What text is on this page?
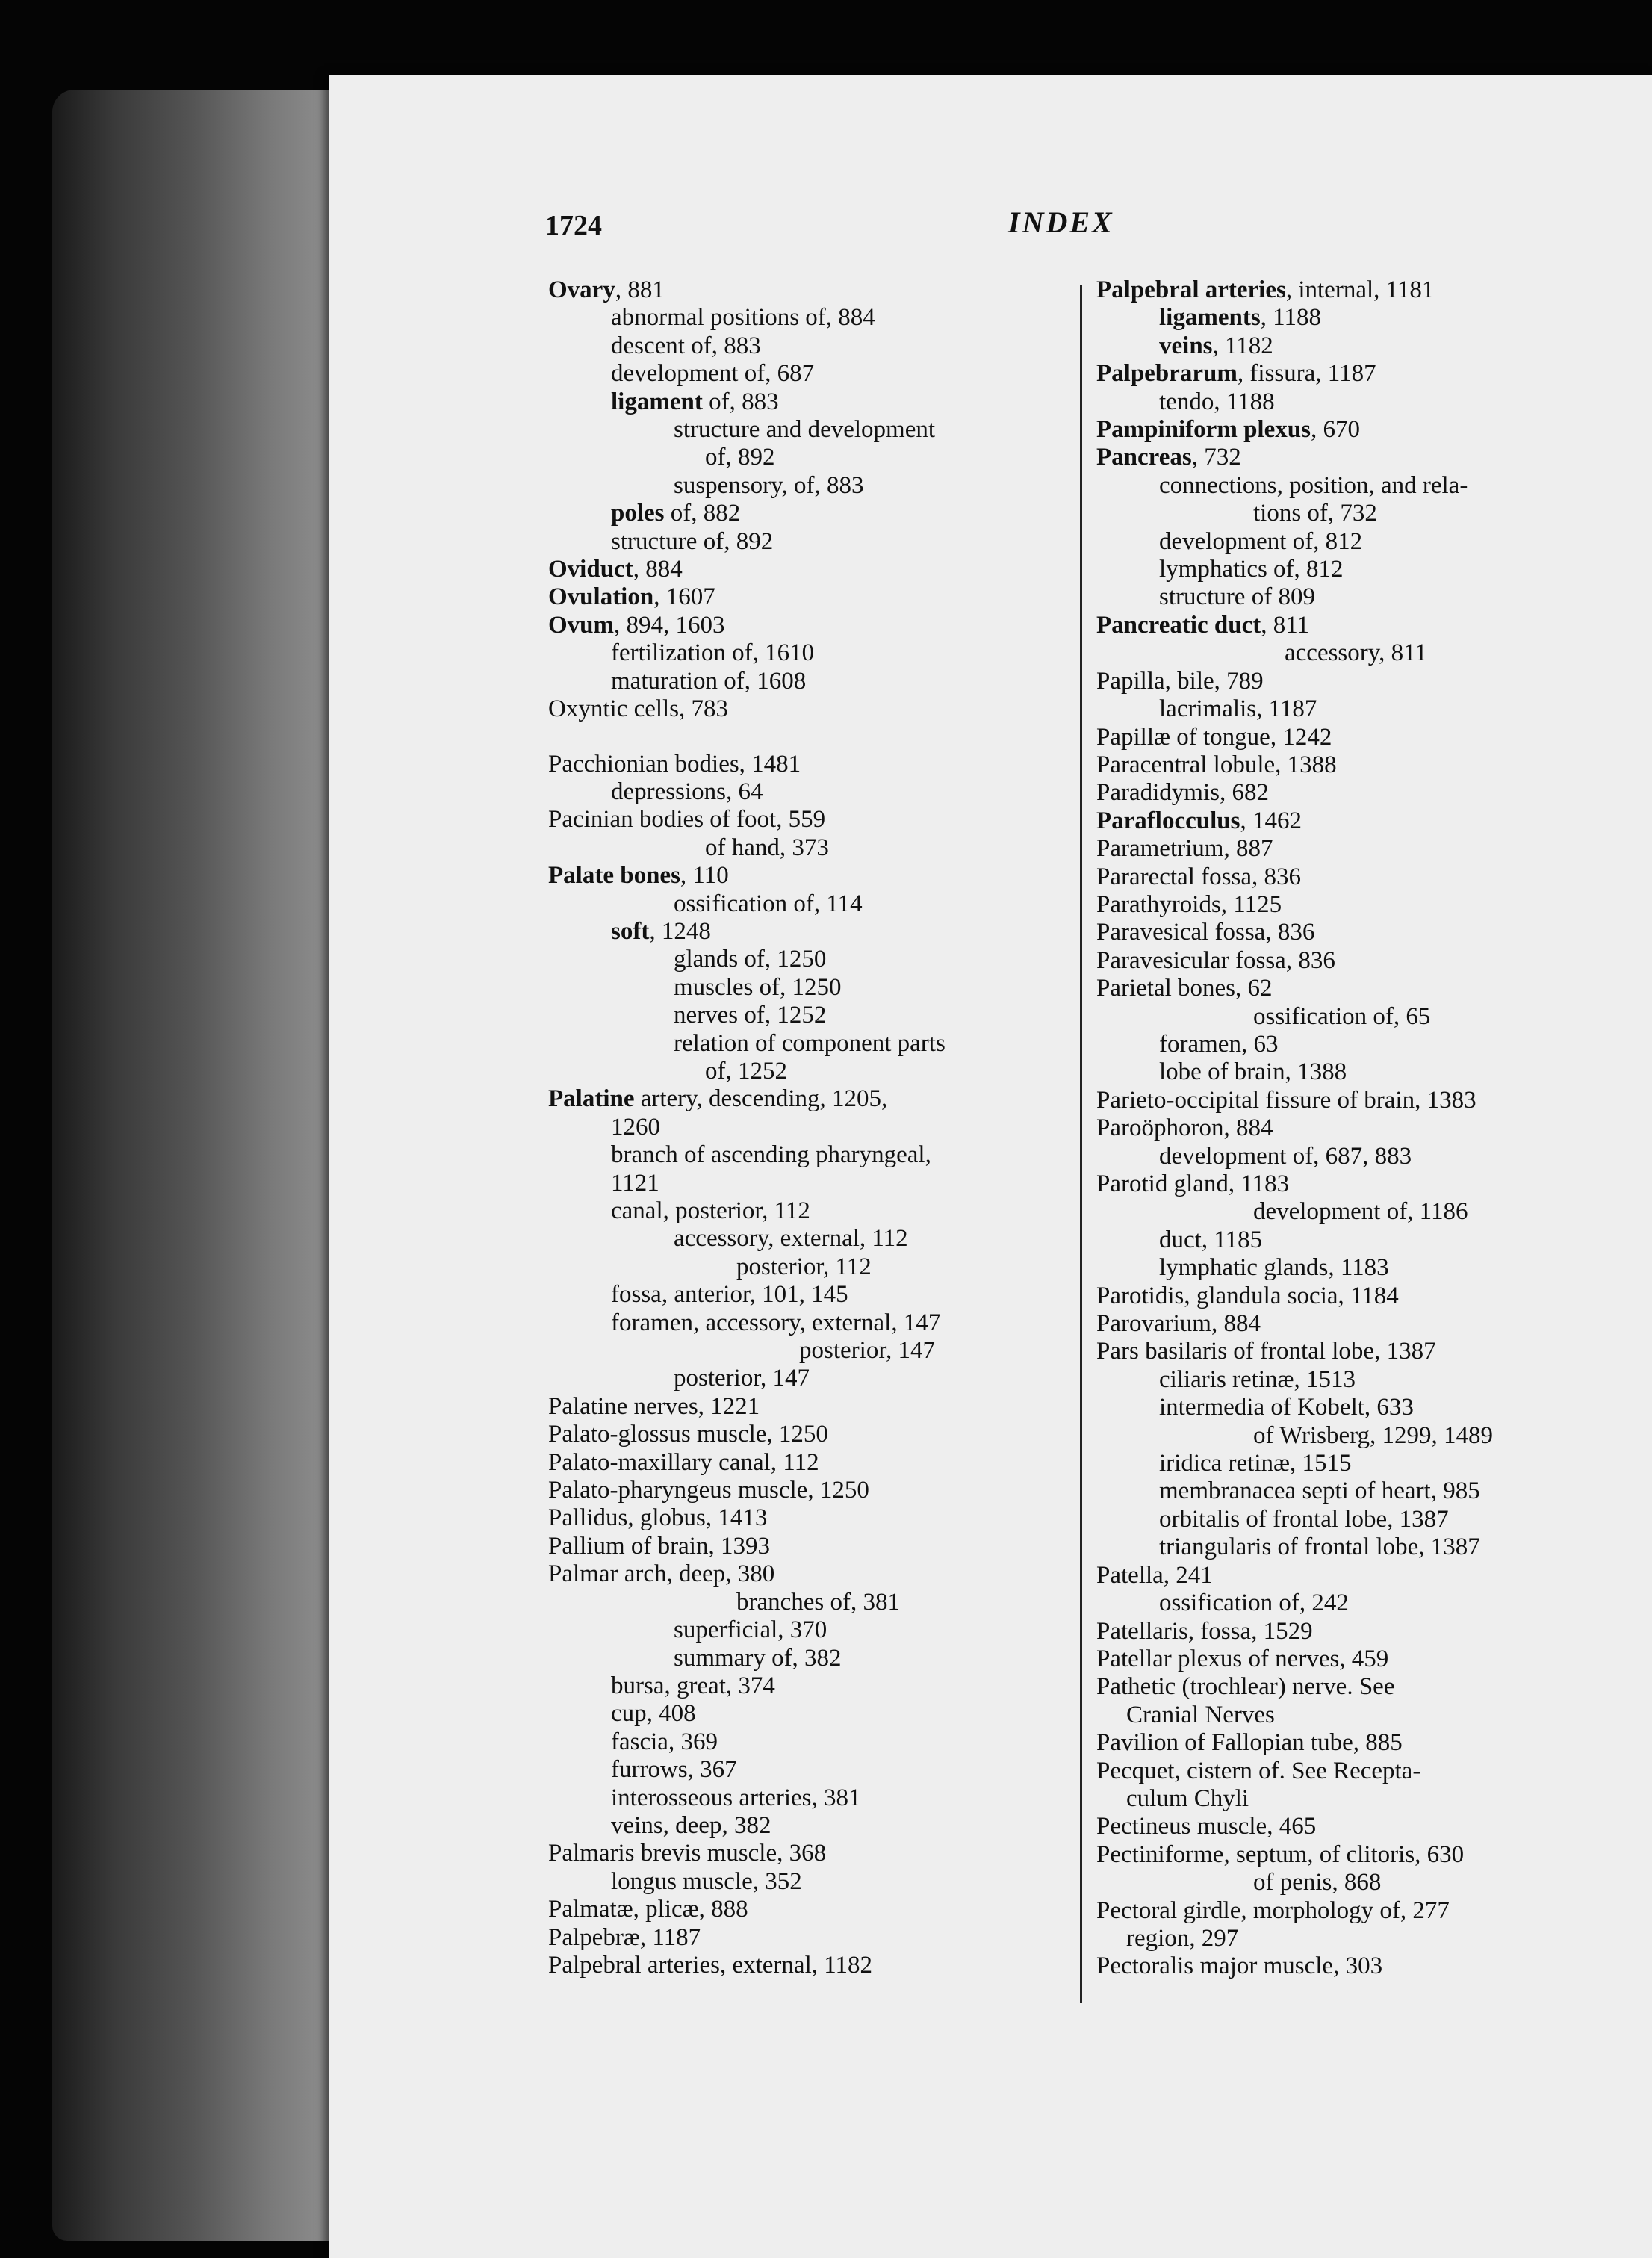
1724	INDEX
Ovary, 881
abnormal positions of, 884
descent of, 883
development of, 687
ligament of, 883
structure and development
of, 892
suspensory, of, 883
poles of, 882
structure of, 892
Oviduct, 884
Ovulation, 1607
Ovum, 894, 1603
fertilization of, 1610
maturation of, 1608
Oxyntic cells, 783
Pacchionian bodies, 1481
depressions, 64
Pacinian bodies of foot, 559
of hand, 373
Palate bones, 110
ossification of, 114
soft, 1248
glands of, 1250
muscles of, 1250
nerves of, 1252
relation of component parts
of, 1252
Palatine artery, descending, 1205,
1260
branch of ascending pharyngeal,
1121
canal, posterior, 112
accessory, external, 112
posterior, 112
fossa, anterior, 101, 145
foramen, accessory, external, 147
posterior, 147
posterior, 147
Palatine nerves, 1221
Palato-glossus muscle, 1250
Palato-maxillary canal, 112
Palato-pharyngeus muscle, 1250
Pallidus, globus, 1413
Pallium of brain, 1393
Palmar arch, deep, 380
branches of, 381
superficial, 370
summary of, 382
bursa, great, 374
cup, 408
fascia, 369
furrows, 367
interosseous arteries, 381
veins, deep, 382
Palmaris brevis muscle, 368
longus muscle, 352
Palmatæ, plicæ, 888
Palpebræ, 1187
Palpebral arteries, external, 1182
Palpebral arteries, internal, 1181
ligaments, 1188
veins, 1182
Palpebrarum, fissura, 1187
tendo, 1188
Pampiniform plexus, 670
Pancreas, 732
connections, position, and rela-
tions of, 732
development of, 812
lymphatics of, 812
structure of 809
Pancreatic duct, 811
accessory, 811
Papilla, bile, 789
lacrimalis, 1187
Papillæ of tongue, 1242
Paracentral lobule, 1388
Paradidymis, 682
Paraflocculus, 1462
Parametrium, 887
Pararectal fossa, 836
Parathyroids, 1125
Paravesical fossa, 836
Paravesicular fossa, 836
Parietal bones, 62
ossification of, 65
foramen, 63
lobe of brain, 1388
Parieto-occipital fissure of brain, 1383
Paroöphoron, 884
development of, 687, 883
Parotid gland, 1183
development of, 1186
duct, 1185
lymphatic glands, 1183
Parotidis, glandula socia, 1184
Parovarium, 884
Pars basilaris of frontal lobe, 1387
ciliaris retinæ, 1513
intermedia of Kobelt, 633
of Wrisberg, 1299, 1489
iridica retinæ, 1515
membranacea septi of heart, 985
orbitalis of frontal lobe, 1387
triangularis of frontal lobe, 1387
Patella, 241
ossification of, 242
Patellaris, fossa, 1529
Patellar plexus of nerves, 459
Pathetic (trochlear) nerve. See
Cranial Nerves
Pavilion of Fallopian tube, 885
Pecquet, cistern of. See Recepta-
culum Chyli
Pectineus muscle, 465
Pectiniforme, septum, of clitoris, 630
of penis, 868
Pectoral girdle, morphology of, 277
region, 297
Pectoralis major muscle, 303
